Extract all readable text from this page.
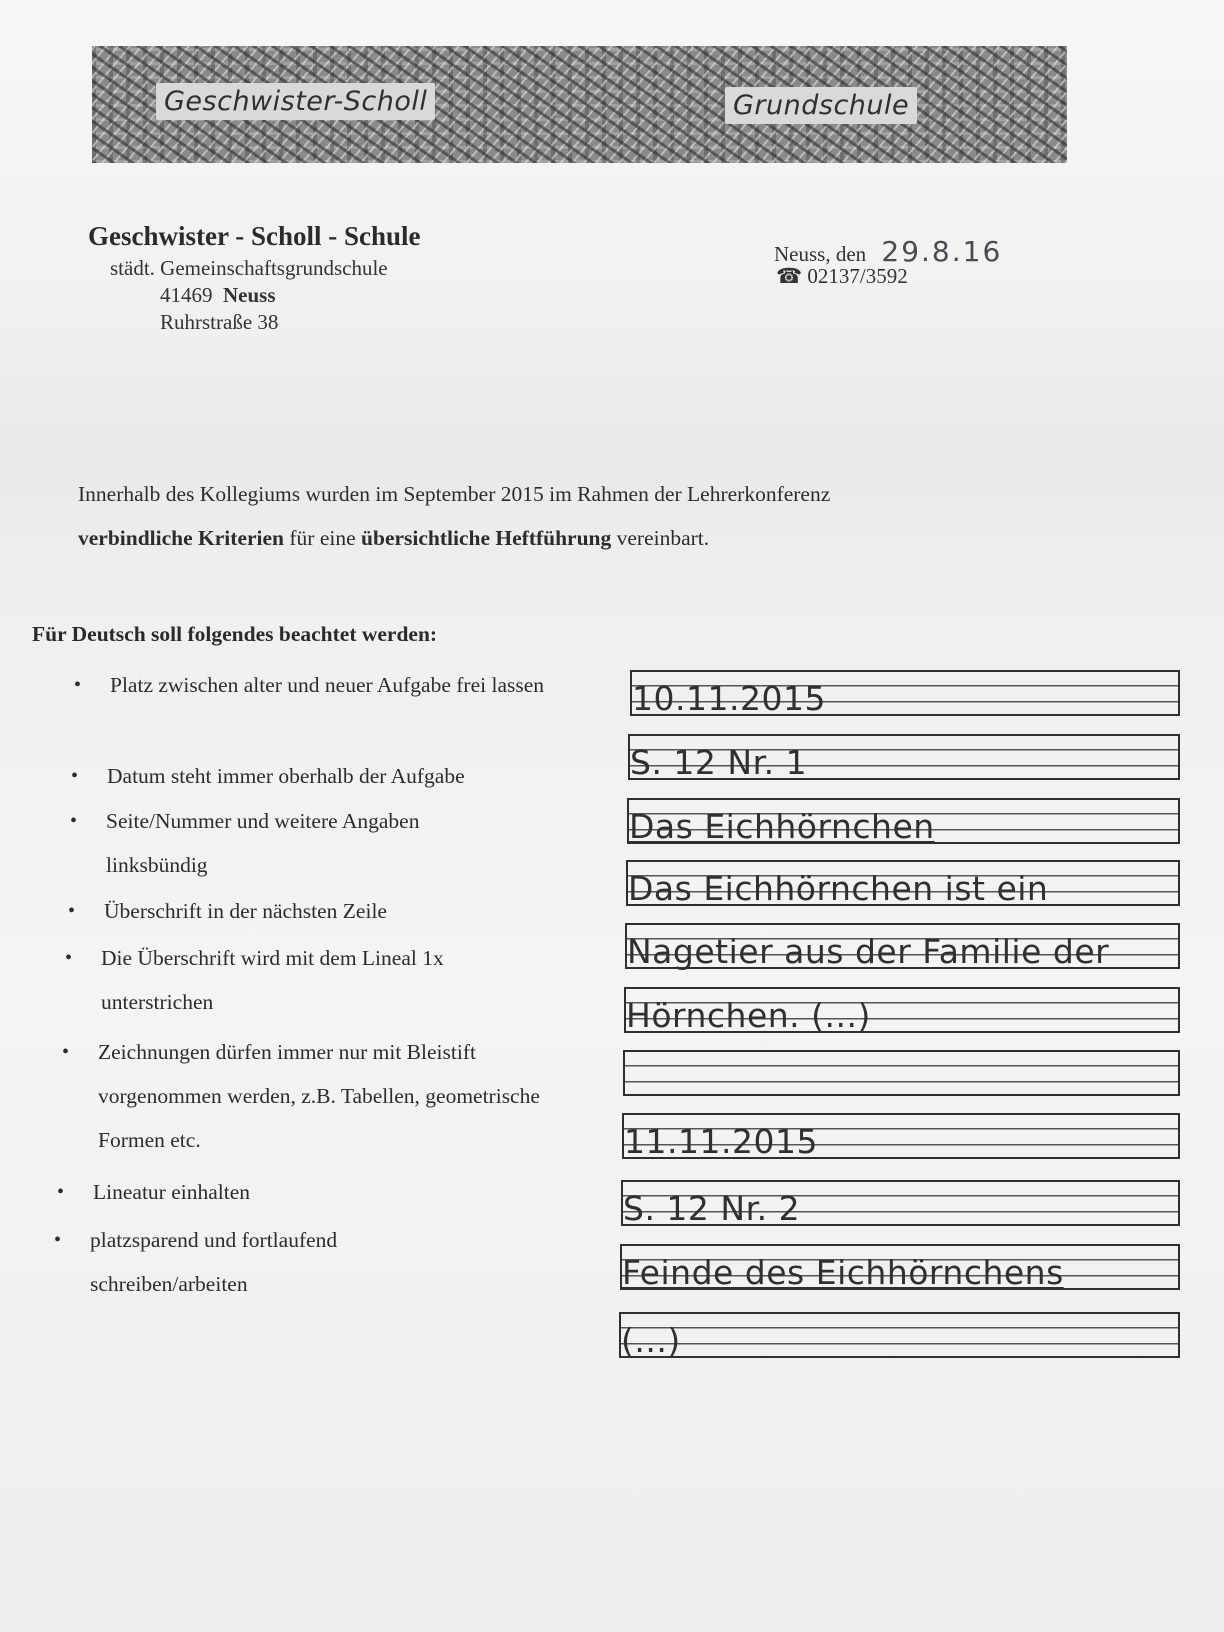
Geschwister-Scholl	Grundschule
Geschwister - Scholl - Schule
städt. Gemeinschaftsgrundschule
41469 Neuss
Ruhrstraße 38
Neuss, den 29.8.16
☎ 02137/3592
Innerhalb des Kollegiums wurden im September 2015 im Rahmen der Lehrerkonferenz
verbindliche Kriterien für eine übersichtliche Heftführung vereinbart.
Für Deutsch soll folgendes beachtet werden:
• Platz zwischen alter und neuer Aufgabe frei lassen
• Datum steht immer oberhalb der Aufgabe
• Seite/Nummer und weitere Angaben linksbündig
• Überschrift in der nächsten Zeile
• Die Überschrift wird mit dem Lineal 1x unterstrichen
• Zeichnungen dürfen immer nur mit Bleistift vorgenommen werden, z.B. Tabellen, geometrische Formen etc.
• Lineatur einhalten
• platzsparend und fortlaufend schreiben/arbeiten
10.11.2015
S. 12 Nr. 1
Das Eichhörnchen
Das Eichhörnchen ist ein
Nagetier aus der Familie der
Hörnchen. (...)
11.11.2015
S. 12 Nr. 2
Feinde des Eichhörnchens
(...)
